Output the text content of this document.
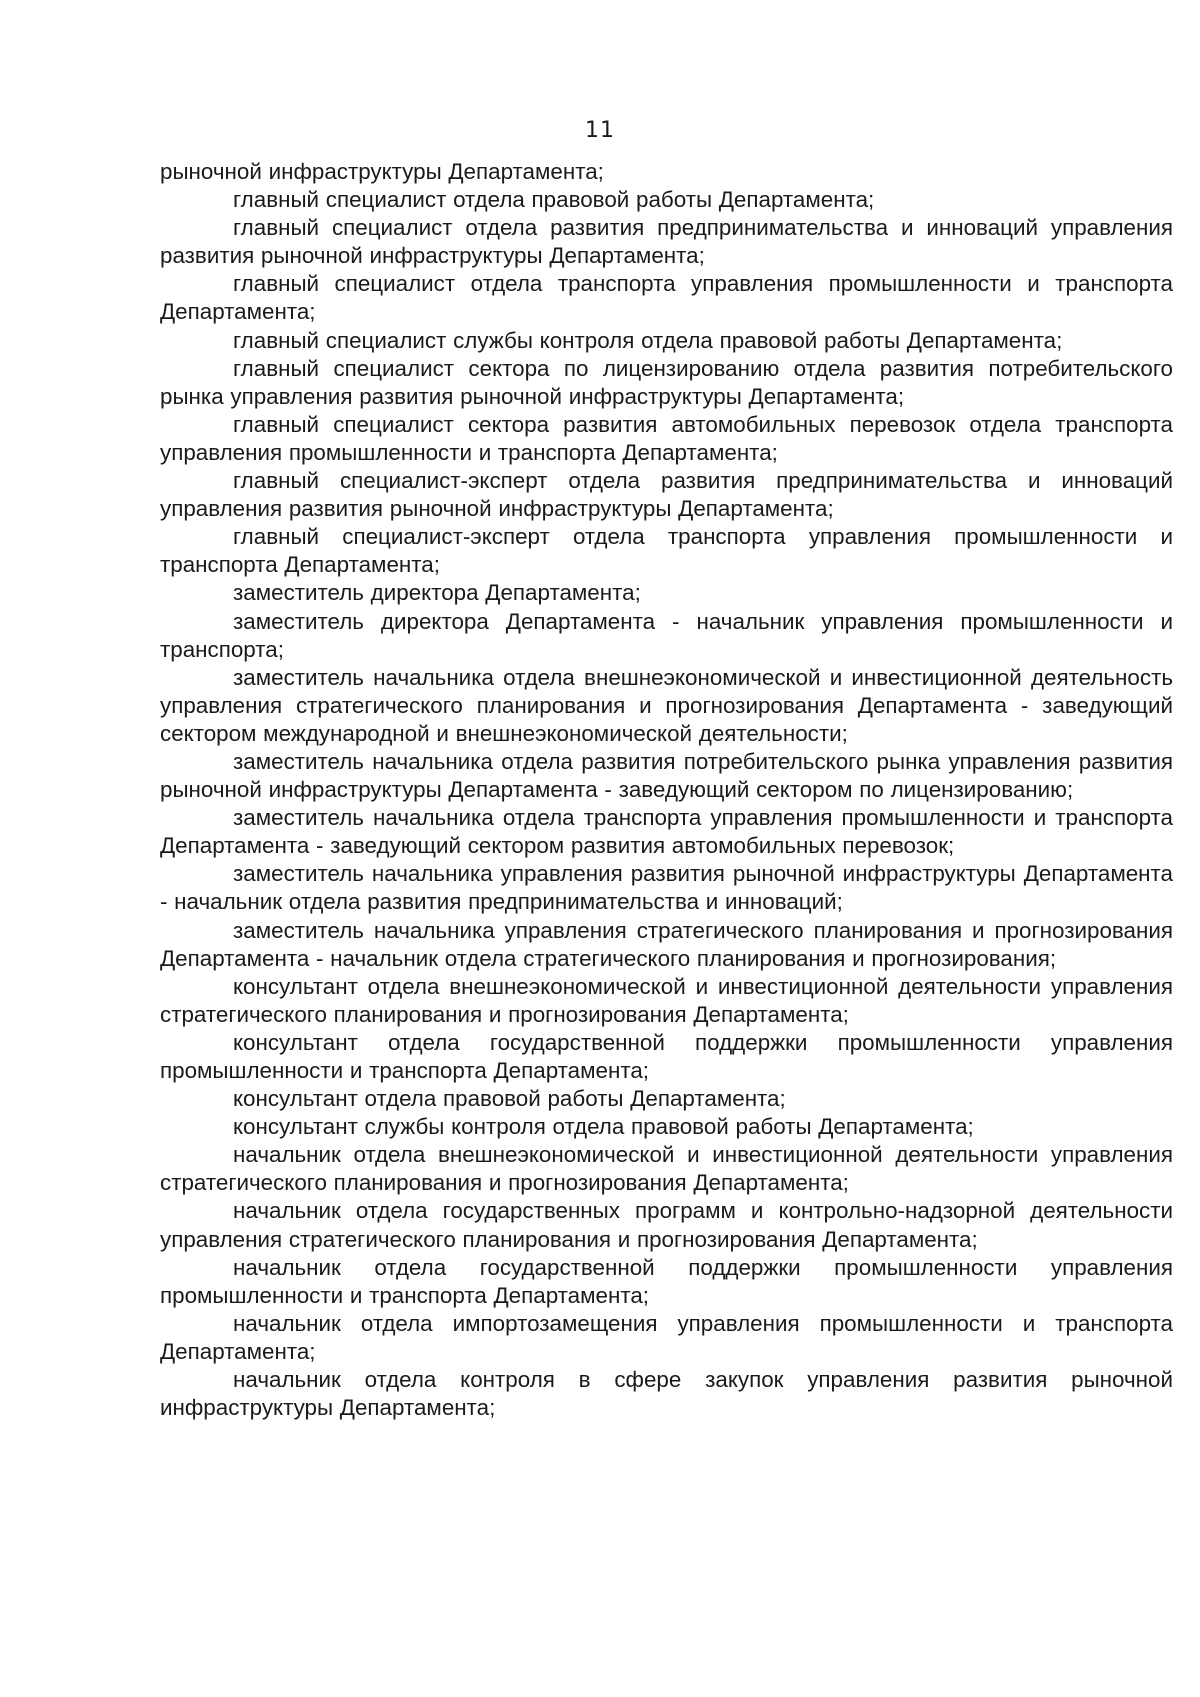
11

рыночной инфраструктуры Департамента;

главный специалист отдела правовой работы Департамента;

главный специалист отдела развития предпринимательства и инноваций управления развития рыночной инфраструктуры Департамента;

главный специалист отдела транспорта управления промышленности и транспорта Департамента;

главный специалист службы контроля отдела правовой работы Департамента;

главный специалист сектора по лицензированию отдела развития потребительского рынка управления развития рыночной инфраструктуры Департамента;

главный специалист сектора развития автомобильных перевозок отдела транспорта управления промышленности и транспорта Департамента;

главный специалист-эксперт отдела развития предпринимательства и инноваций управления развития рыночной инфраструктуры Департамента;

главный специалист-эксперт отдела транспорта управления промышленности и транспорта Департамента;

заместитель директора Департамента;

заместитель директора Департамента - начальник управления промышленности и транспорта;

заместитель начальника отдела внешнеэкономической и инвестиционной деятельность управления стратегического планирования и прогнозирования Департамента - заведующий сектором международной и внешнеэкономической деятельности;

заместитель начальника отдела развития потребительского рынка управления развития рыночной инфраструктуры Департамента - заведующий сектором по лицензированию;

заместитель начальника отдела транспорта управления промышленности и транспорта Департамента - заведующий сектором развития автомобильных перевозок;

заместитель начальника управления развития рыночной инфраструктуры Департамента - начальник отдела развития предпринимательства и инноваций;

заместитель начальника управления стратегического планирования и прогнозирования Департамента - начальник отдела стратегического планирования и прогнозирования;

консультант отдела внешнеэкономической и инвестиционной деятельности управления стратегического планирования и прогнозирования Департамента;

консультант отдела государственной поддержки промышленности управления промышленности и транспорта Департамента;

консультант отдела правовой работы Департамента;

консультант службы контроля отдела правовой работы Департамента;

начальник отдела внешнеэкономической и инвестиционной деятельности управления стратегического планирования и прогнозирования Департамента;

начальник отдела государственных программ и контрольно-надзорной деятельности управления стратегического планирования и прогнозирования Департамента;

начальник отдела государственной поддержки промышленности управления промышленности и транспорта Департамента;

начальник отдела импортозамещения управления промышленности и транспорта Департамента;

начальник отдела контроля в сфере закупок управления развития рыночной инфраструктуры Департамента;
